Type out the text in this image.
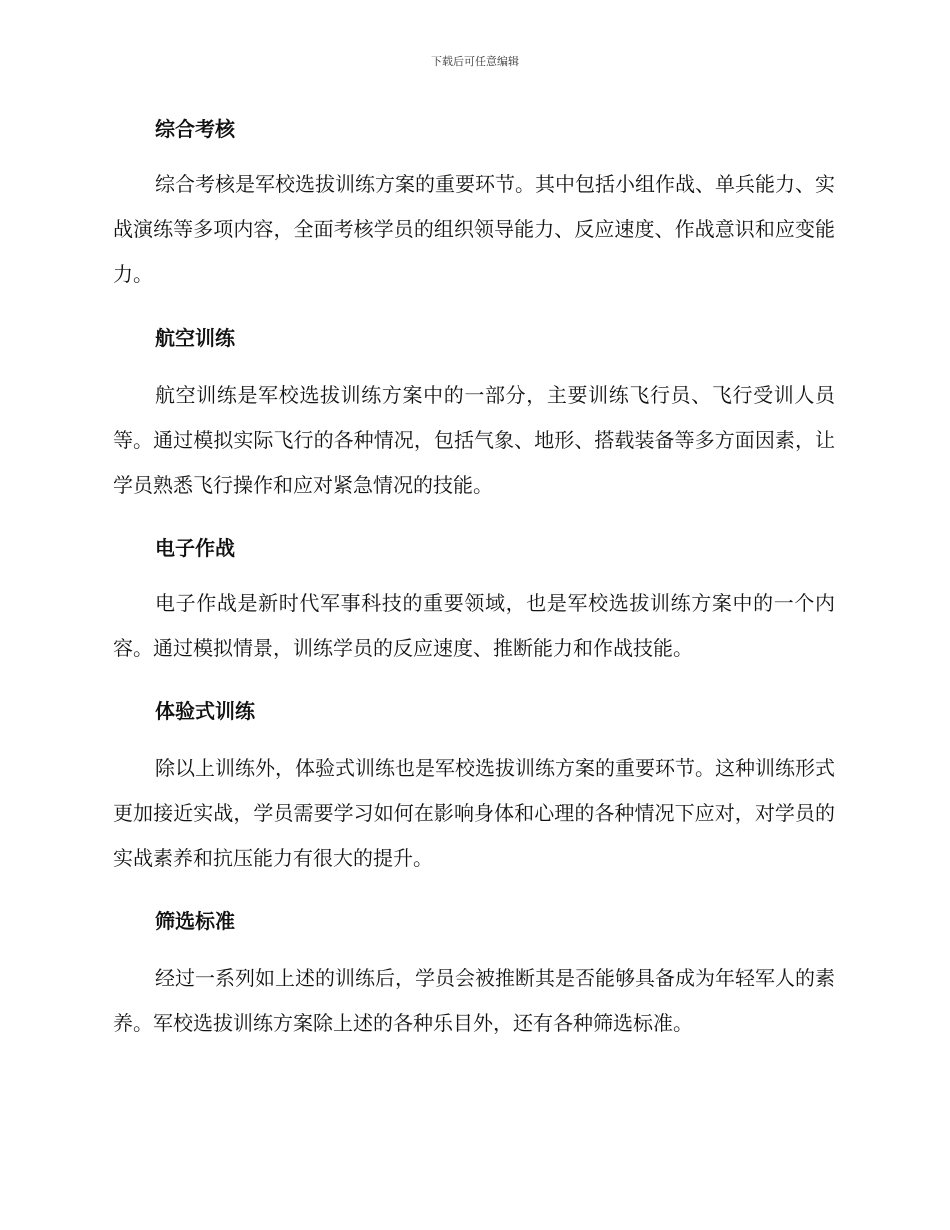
下载后可任意编辑
综合考核

综合考核是军校选拔训练方案的重要环节。其中包括小组作战、单兵能力、实战演练等多项内容，全面考核学员的组织领导能力、反应速度、作战意识和应变能力。

航空训练

航空训练是军校选拔训练方案中的一部分，主要训练飞行员、飞行受训人员等。通过模拟实际飞行的各种情况，包括气象、地形、搭载装备等多方面因素，让学员熟悉飞行操作和应对紧急情况的技能。

电子作战

电子作战是新时代军事科技的重要领域，也是军校选拔训练方案中的一个内容。通过模拟情景，训练学员的反应速度、推断能力和作战技能。

体验式训练

除以上训练外，体验式训练也是军校选拔训练方案的重要环节。这种训练形式更加接近实战，学员需要学习如何在影响身体和心理的各种情况下应对，对学员的实战素养和抗压能力有很大的提升。

筛选标准

经过一系列如上述的训练后，学员会被推断其是否能够具备成为年轻军人的素养。军校选拔训练方案除上述的各种乐目外，还有各种筛选标准。
